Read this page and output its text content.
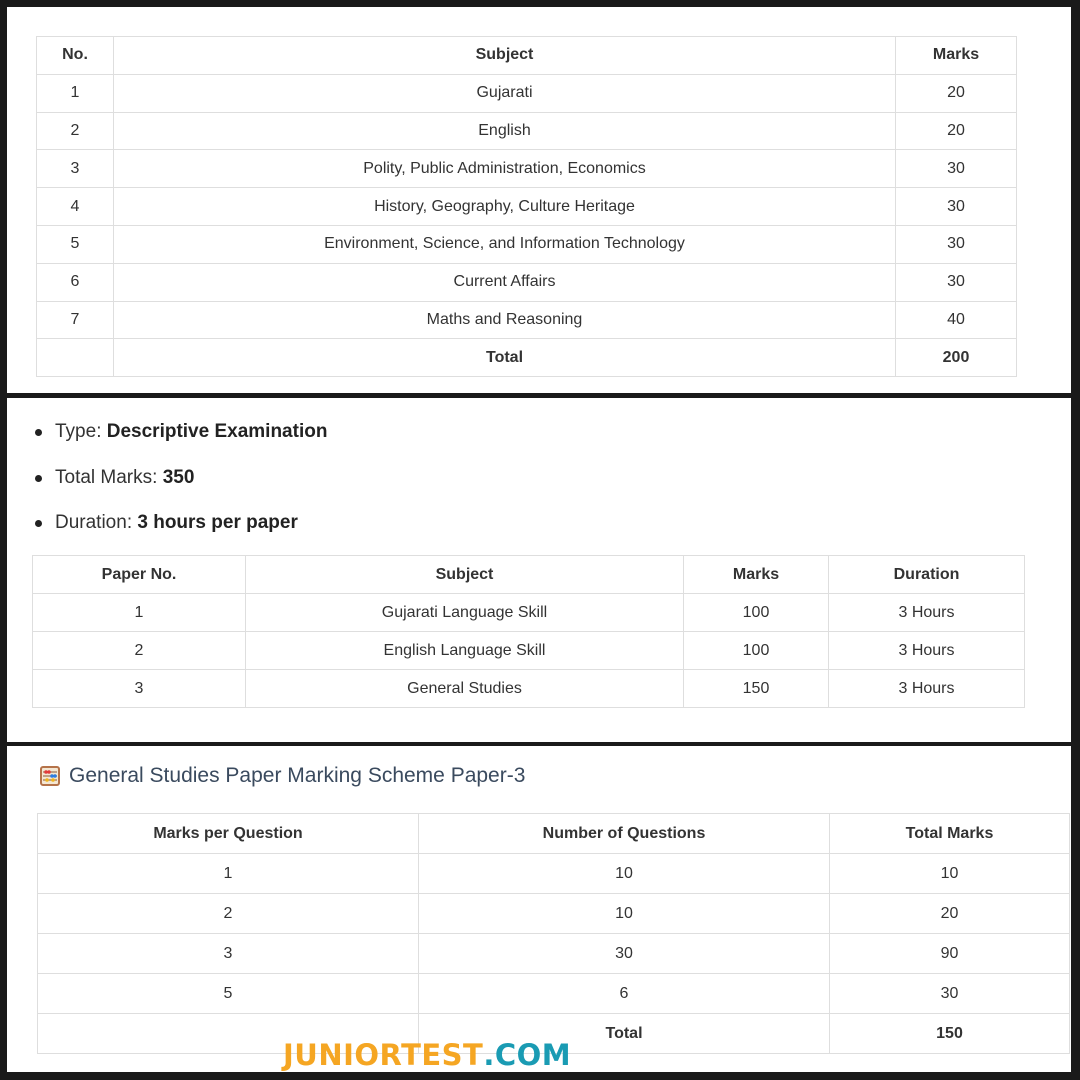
No.	Subject	Marks
1	Gujarati	20
2	English	20
3	Polity, Public Administration, Economics	30
4	History, Geography, Culture Heritage	30
5	Environment, Science, and Information Technology	30
6	Current Affairs	30
7	Maths and Reasoning	40
	Total	200
Type: Descriptive Examination
Total Marks: 350
Duration: 3 hours per paper
Paper No.	Subject	Marks	Duration
1	Gujarati Language Skill	100	3 Hours
2	English Language Skill	100	3 Hours
3	General Studies	150	3 Hours
General Studies Paper Marking Scheme Paper-3
Marks per Question	Number of Questions	Total Marks
1	10	10
2	10	20
3	30	90
5	6	30
	Total	150
JUNIORTEST .COM
